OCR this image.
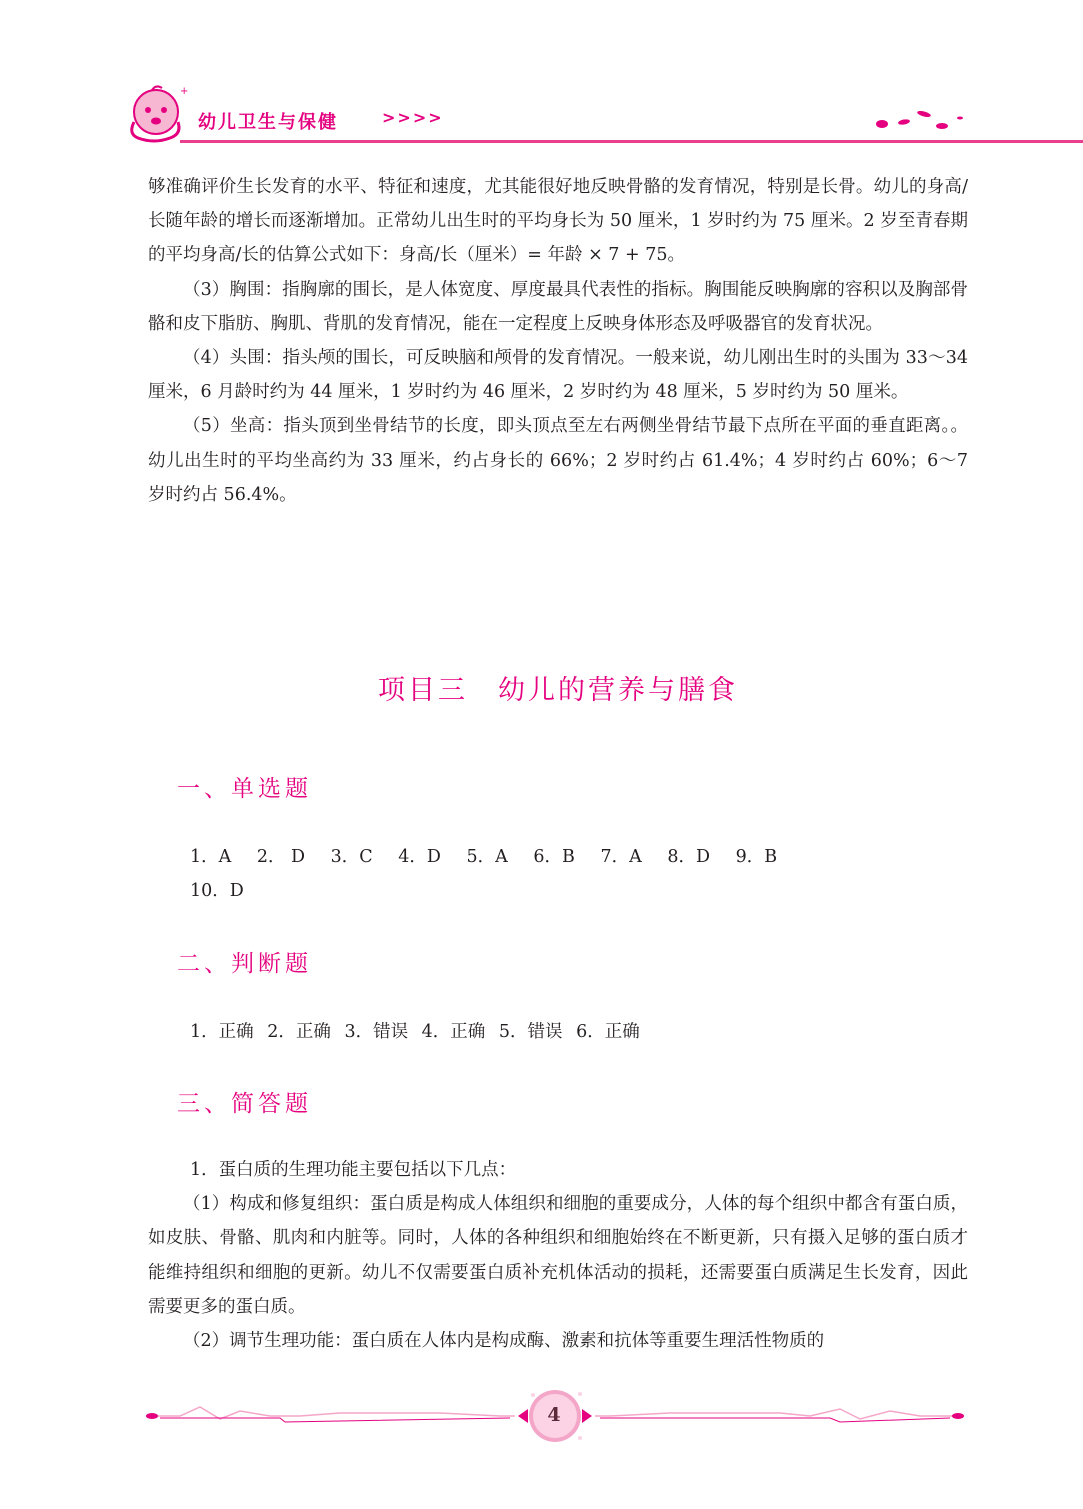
+
幼儿卫生与保健	>>>>

够准确评价生长发育的水平、特征和速度，尤其能很好地反映骨骼的发育情况，特别是长骨。幼儿的身高/长随年龄的增长而逐渐增加。正常幼儿出生时的平均身长为 50 厘米，1 岁时约为 75 厘米。2 岁至青春期的平均身高/长的估算公式如下：身高/长（厘米）= 年龄 × 7 + 75。

（3）胸围：指胸廓的围长，是人体宽度、厚度最具代表性的指标。胸围能反映胸廓的容积以及胸部骨骼和皮下脂肪、胸肌、背肌的发育情况，能在一定程度上反映身体形态及呼吸器官的发育状况。

（4）头围：指头颅的围长，可反映脑和颅骨的发育情况。一般来说，幼儿刚出生时的头围为 33～34 厘米，6 月龄时约为 44 厘米，1 岁时约为 46 厘米，2 岁时约为 48 厘米，5 岁时约为 50 厘米。

（5）坐高：指头顶到坐骨结节的长度，即头顶点至左右两侧坐骨结节最下点所在平面的垂直距离。。幼儿出生时的平均坐高约为 33 厘米，约占身长的 66%；2 岁时约占 61.4%；4 岁时约占 60%；6～7 岁时约占 56.4%。

项目三　幼儿的营养与膳食
一、单选题
1．A 2． D 3．C 4．D 5．A 6．B 7．A 8．D 9．B
10．D
二、判断题
1．正确 2．正确 3．错误 4．正确 5．错误 6．正确
三、简答题

1．蛋白质的生理功能主要包括以下几点：

（1）构成和修复组织：蛋白质是构成人体组织和细胞的重要成分，人体的每个组织中都含有蛋白质，如皮肤、骨骼、肌肉和内脏等。同时，人体的各种组织和细胞始终在不断更新，只有摄入足够的蛋白质才能维持组织和细胞的更新。幼儿不仅需要蛋白质补充机体活动的损耗，还需要蛋白质满足生长发育，因此需要更多的蛋白质。

（2）调节生理功能：蛋白质在人体内是构成酶、激素和抗体等重要生理活性物质的

4
